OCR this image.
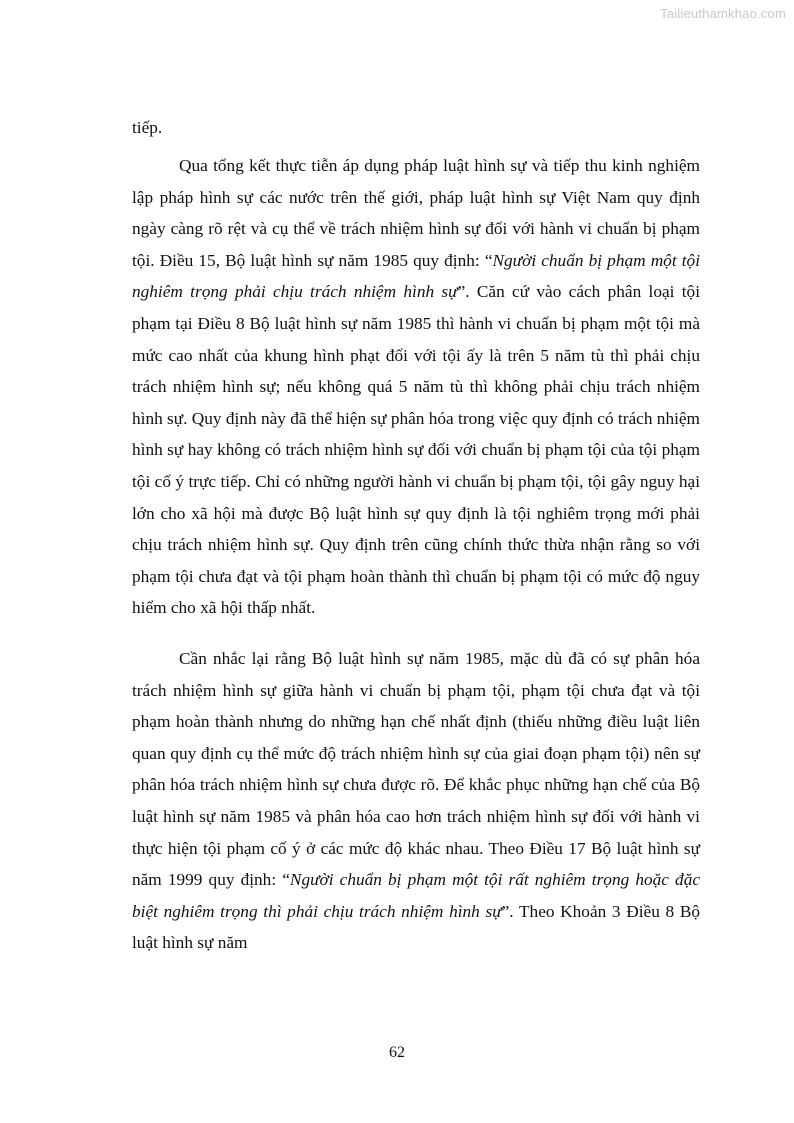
Tailieuthamkhao.com

tiếp.

Qua tổng kết thực tiễn áp dụng pháp luật hình sự và tiếp thu kinh nghiệm lập pháp hình sự các nước trên thế giới, pháp luật hình sự Việt Nam quy định ngày càng rõ rệt và cụ thể về trách nhiệm hình sự đối với hành vi chuẩn bị phạm tội. Điều 15, Bộ luật hình sự năm 1985 quy định: “Người chuẩn bị phạm một tội nghiêm trọng phải chịu trách nhiệm hình sự”. Căn cứ vào cách phân loại tội phạm tại Điều 8 Bộ luật hình sự năm 1985 thì hành vi chuẩn bị phạm một tội mà mức cao nhất của khung hình phạt đối với tội ấy là trên 5 năm tù thì phải chịu trách nhiệm hình sự; nếu không quá 5 năm tù thì không phải chịu trách nhiệm hình sự. Quy định này đã thể hiện sự phân hóa trong việc quy định có trách nhiệm hình sự hay không có trách nhiệm hình sự đối với chuẩn bị phạm tội của tội phạm tội cố ý trực tiếp. Chỉ có những người hành vi chuẩn bị phạm tội, tội gây nguy hại lớn cho xã hội mà được Bộ luật hình sự quy định là tội nghiêm trọng mới phải chịu trách nhiệm hình sự. Quy định trên cũng chính thức thừa nhận rằng so với phạm tội chưa đạt và tội phạm hoàn thành thì chuẩn bị phạm tội có mức độ nguy hiểm cho xã hội thấp nhất.

Cần nhắc lại rằng Bộ luật hình sự năm 1985, mặc dù đã có sự phân hóa trách nhiệm hình sự giữa hành vi chuẩn bị phạm tội, phạm tội chưa đạt và tội phạm hoàn thành nhưng do những hạn chế nhất định (thiếu những điều luật liên quan quy định cụ thể mức độ trách nhiệm hình sự của giai đoạn phạm tội) nên sự phân hóa trách nhiệm hình sự chưa được rõ. Để khắc phục những hạn chế của Bộ luật hình sự năm 1985 và phân hóa cao hơn trách nhiệm hình sự đối với hành vi thực hiện tội phạm cố ý ở các mức độ khác nhau. Theo Điều 17 Bộ luật hình sự năm 1999 quy định: “Người chuẩn bị phạm một tội rất nghiêm trọng hoặc đặc biệt nghiêm trọng thì phải chịu trách nhiệm hình sự”. Theo Khoản 3 Điều 8 Bộ luật hình sự năm

62
